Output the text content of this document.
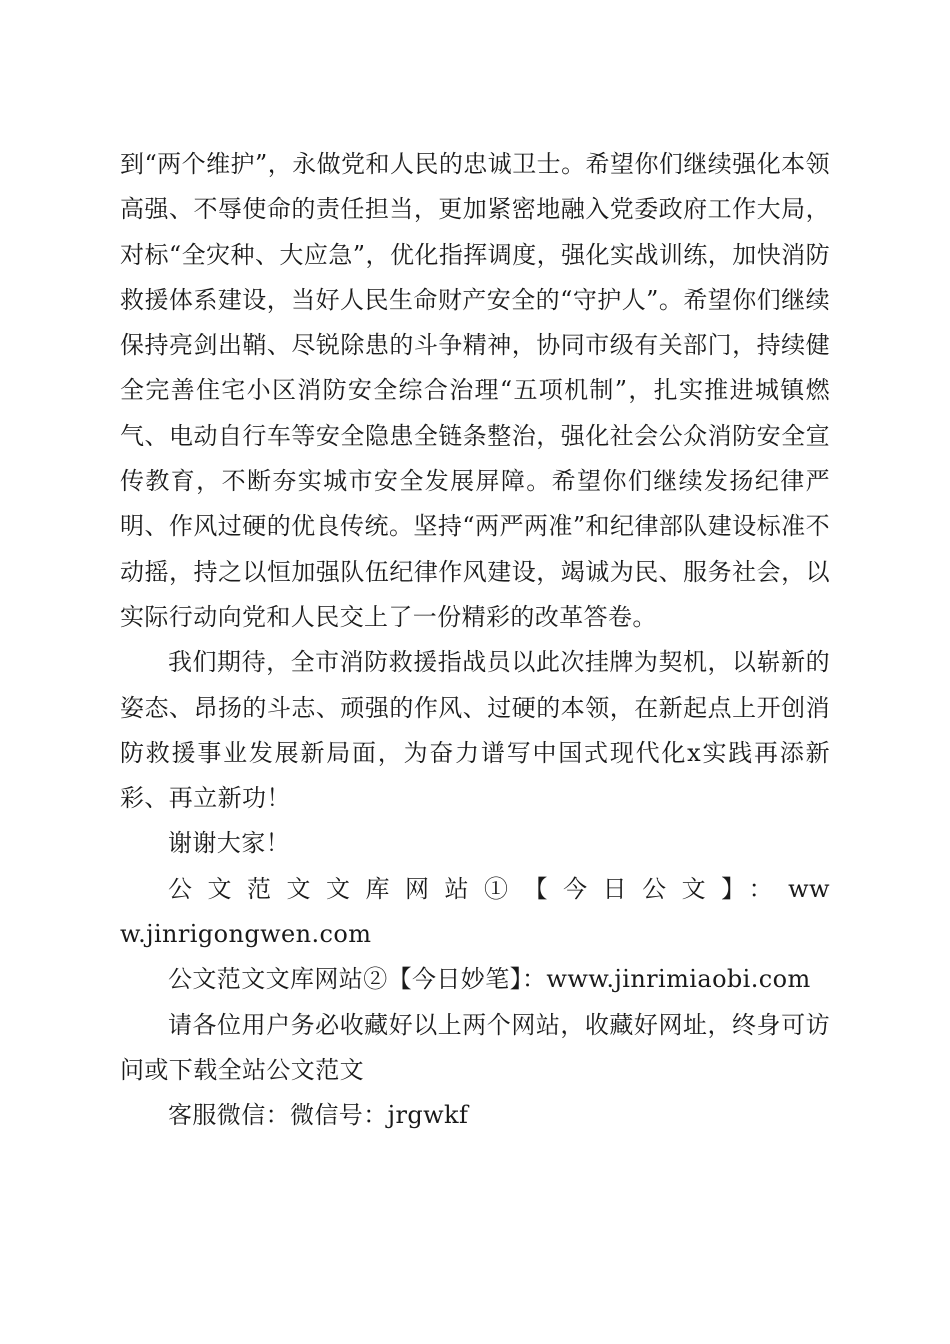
到“两个维护”，永做党和人民的忠诚卫士。希望你们继续强化本领高强、不辱使命的责任担当，更加紧密地融入党委政府工作大局，对标“全灾种、大应急”，优化指挥调度，强化实战训练，加快消防救援体系建设，当好人民生命财产安全的“守护人”。希望你们继续保持亮剑出鞘、尽锐除患的斗争精神，协同市级有关部门，持续健全完善住宅小区消防安全综合治理“五项机制”，扎实推进城镇燃气、电动自行车等安全隐患全链条整治，强化社会公众消防安全宣传教育，不断夯实城市安全发展屏障。希望你们继续发扬纪律严明、作风过硬的优良传统。坚持“两严两准”和纪律部队建设标准不动摇，持之以恒加强队伍纪律作风建设，竭诚为民、服务社会，以实际行动向党和人民交上了一份精彩的改革答卷。

我们期待，全市消防救援指战员以此次挂牌为契机，以崭新的姿态、昂扬的斗志、顽强的作风、过硬的本领，在新起点上开创消防救援事业发展新局面，为奋力谱写中国式现代化x实践再添新彩、再立新功！

谢谢大家！

公文范文文库网站①【今日公文】：www.jinrigongwen.com

公文范文文库网站②【今日妙笔】：www.jinrimiaobi.com

请各位用户务必收藏好以上两个网站，收藏好网址，终身可访问或下载全站公文范文

客服微信：微信号：jrgwkf
